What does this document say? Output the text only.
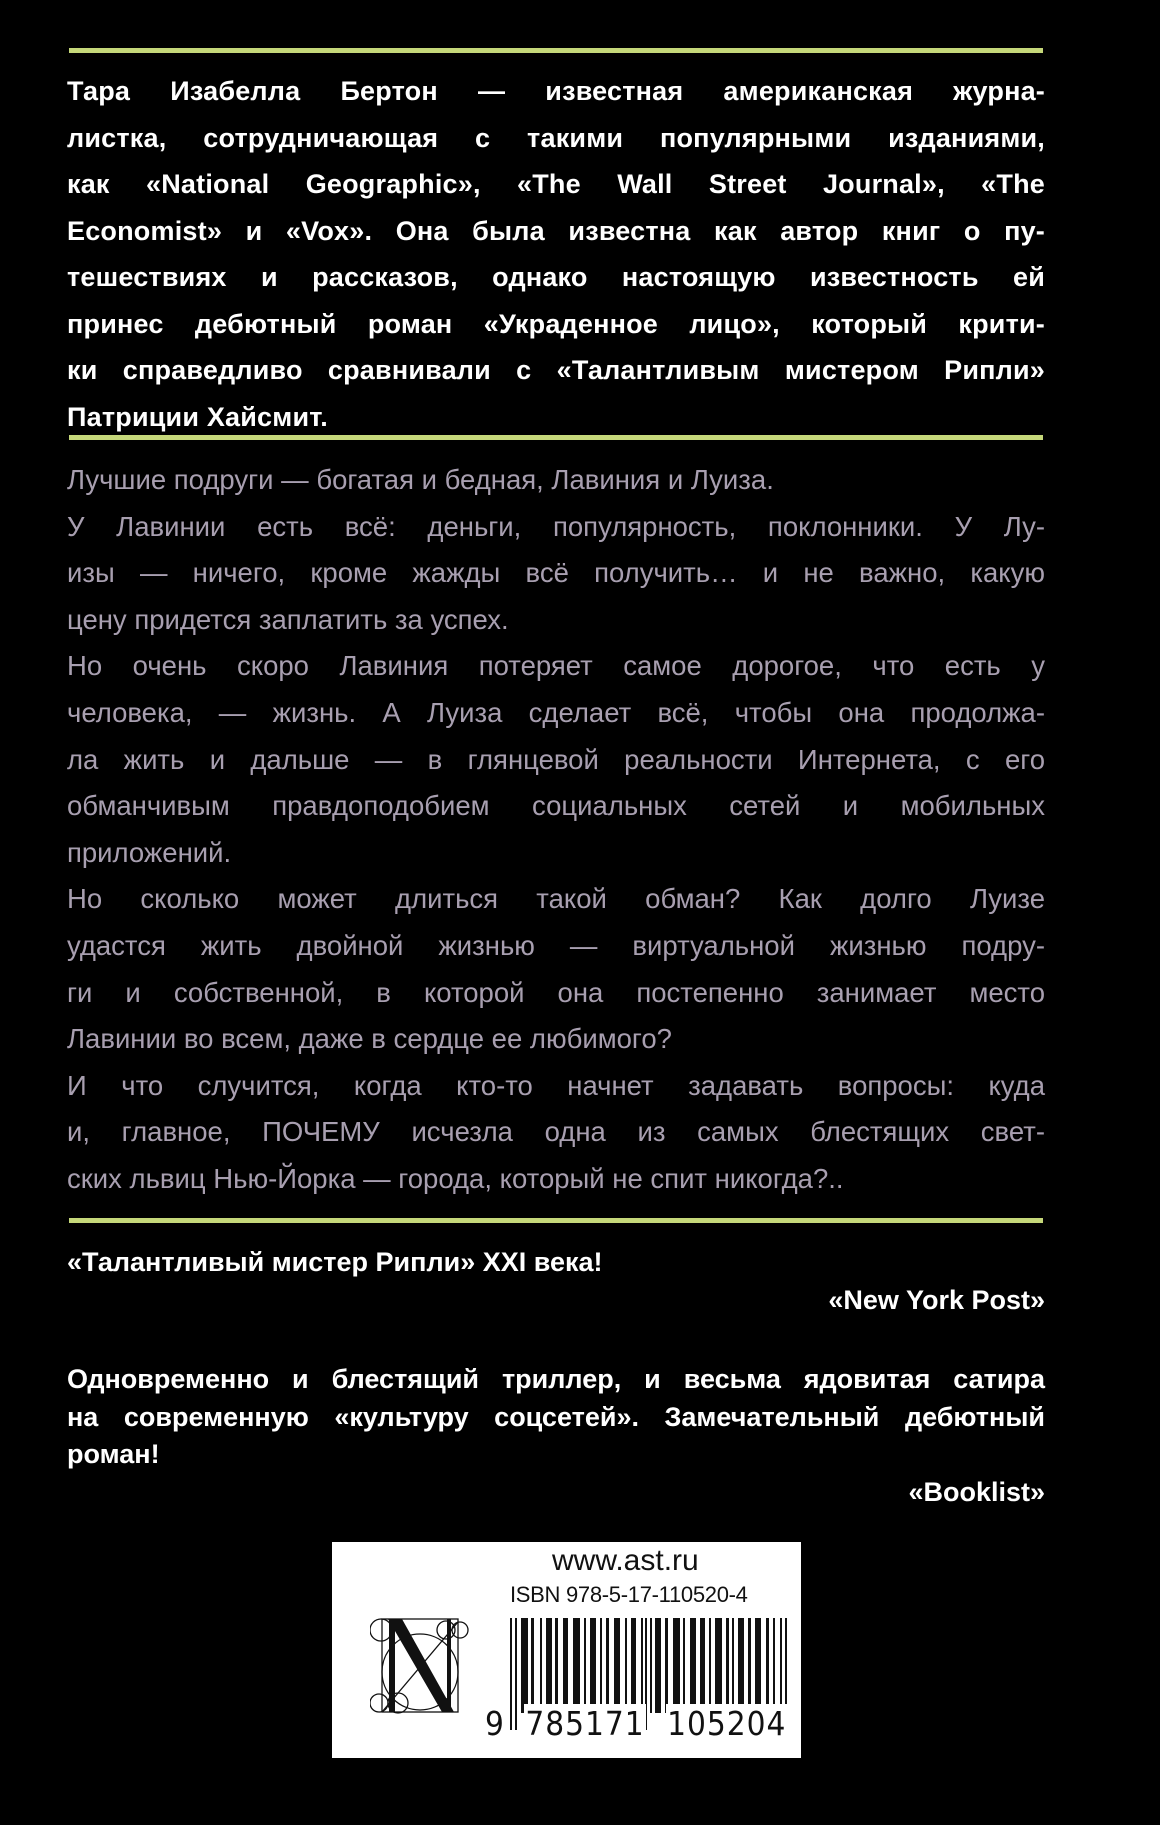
Тара Изабелла Бертон — известная американская журна-
листка, сотрудничающая с такими популярными изданиями,
как «National Geographic», «The Wall Street Journal», «The
Economist» и «Vox». Она была известна как автор книг о пу-
тешествиях и рассказов, однако настоящую известность ей
принес дебютный роман «Украденное лицо», который крити-
ки справедливо сравнивали с «Талантливым мистером Рипли»
Патриции Хайсмит.
Лучшие подруги — богатая и бедная, Лавиния и Луиза.
У Лавинии есть всё: деньги, популярность, поклонники. У Лу-
изы — ничего, кроме жажды всё получить… и не важно, какую
цену придется заплатить за успех.
Но очень скоро Лавиния потеряет самое дорогое, что есть у
человека, — жизнь. А Луиза сделает всё, чтобы она продолжа-
ла жить и дальше — в глянцевой реальности Интернета, с его
обманчивым правдоподобием социальных сетей и мобильных
приложений.
Но сколько может длиться такой обман? Как долго Луизе
удастся жить двойной жизнью — виртуальной жизнью подру-
ги и собственной, в которой она постепенно занимает место
Лавинии во всем, даже в сердце ее любимого?
И что случится, когда кто-то начнет задавать вопросы: куда
и, главное, ПОЧЕМУ исчезла одна из самых блестящих свет-
ских львиц Нью-Йорка — города, который не спит никогда?..
«Талантливый мистер Рипли» XXI века!
«New York Post»
Одновременно и блестящий триллер, и весьма ядовитая сатира
на современную «культуру соцсетей». Замечательный дебютный
роман!
«Booklist»
www.ast.ru
ISBN 978-5-17-110520-4
9 785171 105204
